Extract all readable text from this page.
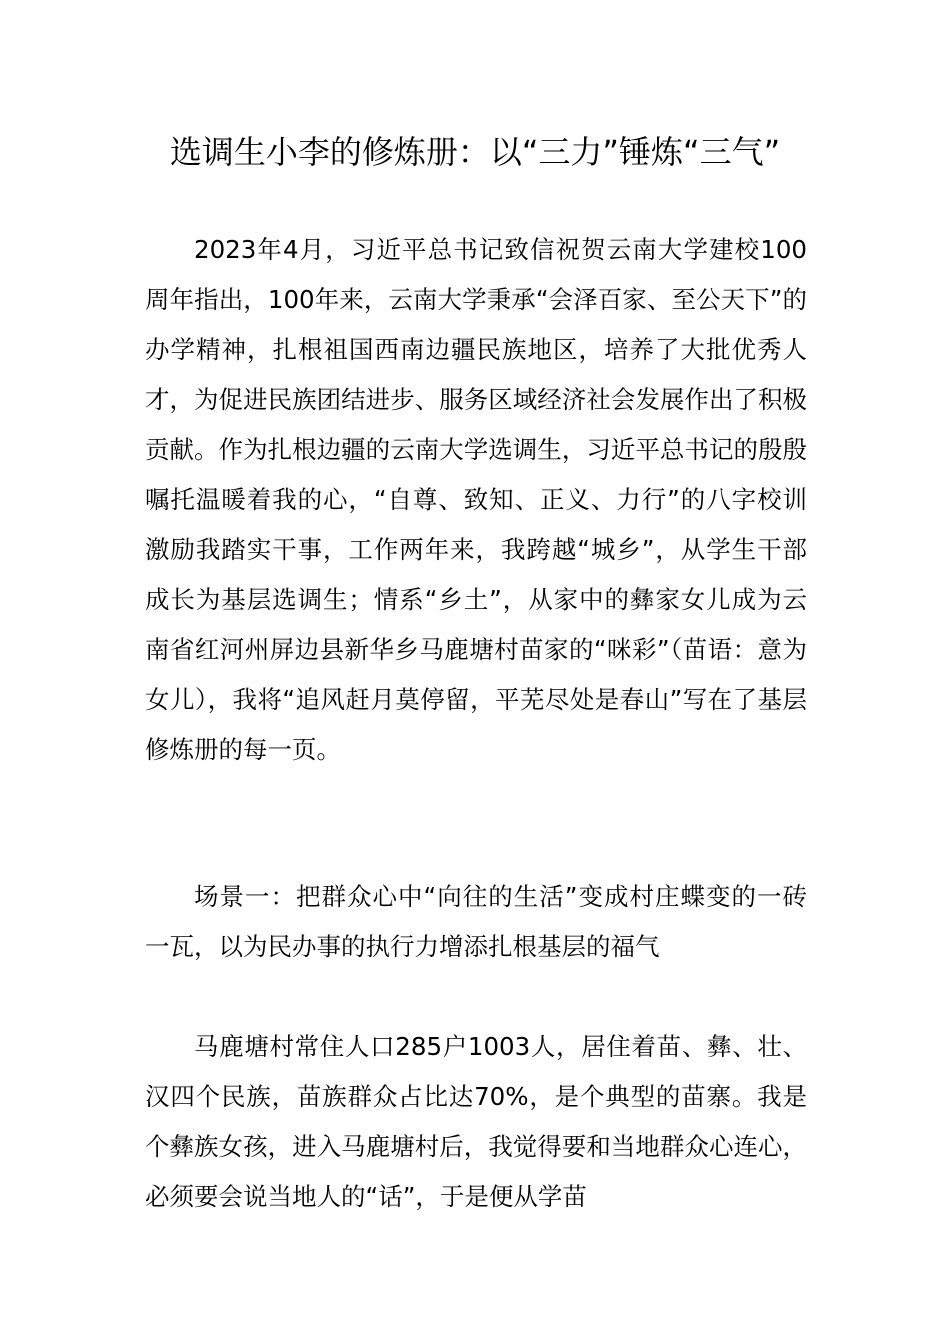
选调生小李的修炼册：以“三力”锤炼“三气”

2023年4月，习近平总书记致信祝贺云南大学建校100周年指出，100年来，云南大学秉承“会泽百家、至公天下”的办学精神，扎根祖国西南边疆民族地区，培养了大批优秀人才，为促进民族团结进步、服务区域经济社会发展作出了积极贡献。作为扎根边疆的云南大学选调生，习近平总书记的殷殷嘱托温暖着我的心，“自尊、致知、正义、力行”的八字校训激励我踏实干事，工作两年来，我跨越“城乡”，从学生干部成长为基层选调生；情系“乡土”，从家中的彝家女儿成为云南省红河州屏边县新华乡马鹿塘村苗家的“咪彩”（苗语：意为女儿），我将“追风赶月莫停留，平芜尽处是春山”写在了基层修炼册的每一页。

场景一：把群众心中“向往的生活”变成村庄蝶变的一砖一瓦，以为民办事的执行力增添扎根基层的福气

马鹿塘村常住人口285户1003人，居住着苗、彝、壮、汉四个民族，苗族群众占比达70%，是个典型的苗寨。我是个彝族女孩，进入马鹿塘村后，我觉得要和当地群众心连心，必须要会说当地人的“话”，于是便从学苗
